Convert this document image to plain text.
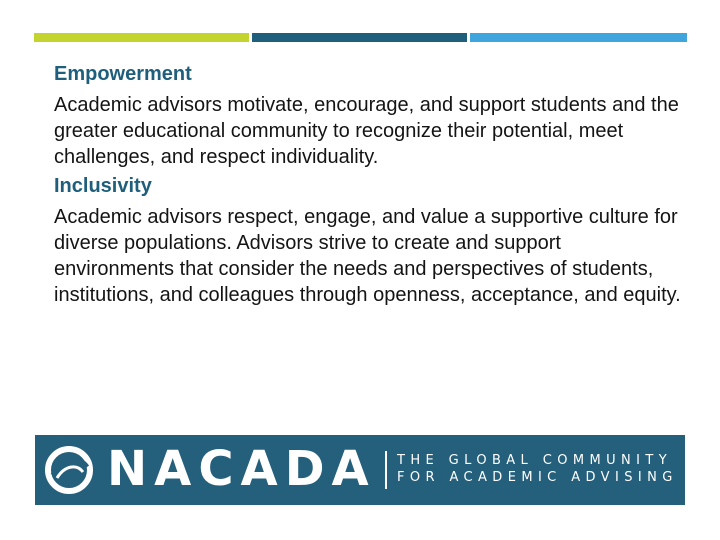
Empowerment
Academic advisors motivate, encourage, and support students and the greater educational community to recognize their potential, meet challenges, and respect individuality.
Inclusivity
Academic advisors respect, engage, and value a supportive culture for diverse populations. Advisors strive to create and support environments that consider the needs and perspectives of students, institutions, and colleagues through openness, acceptance, and equity.
NACADA THE GLOBAL COMMUNITY
FOR ACADEMIC ADVISING
